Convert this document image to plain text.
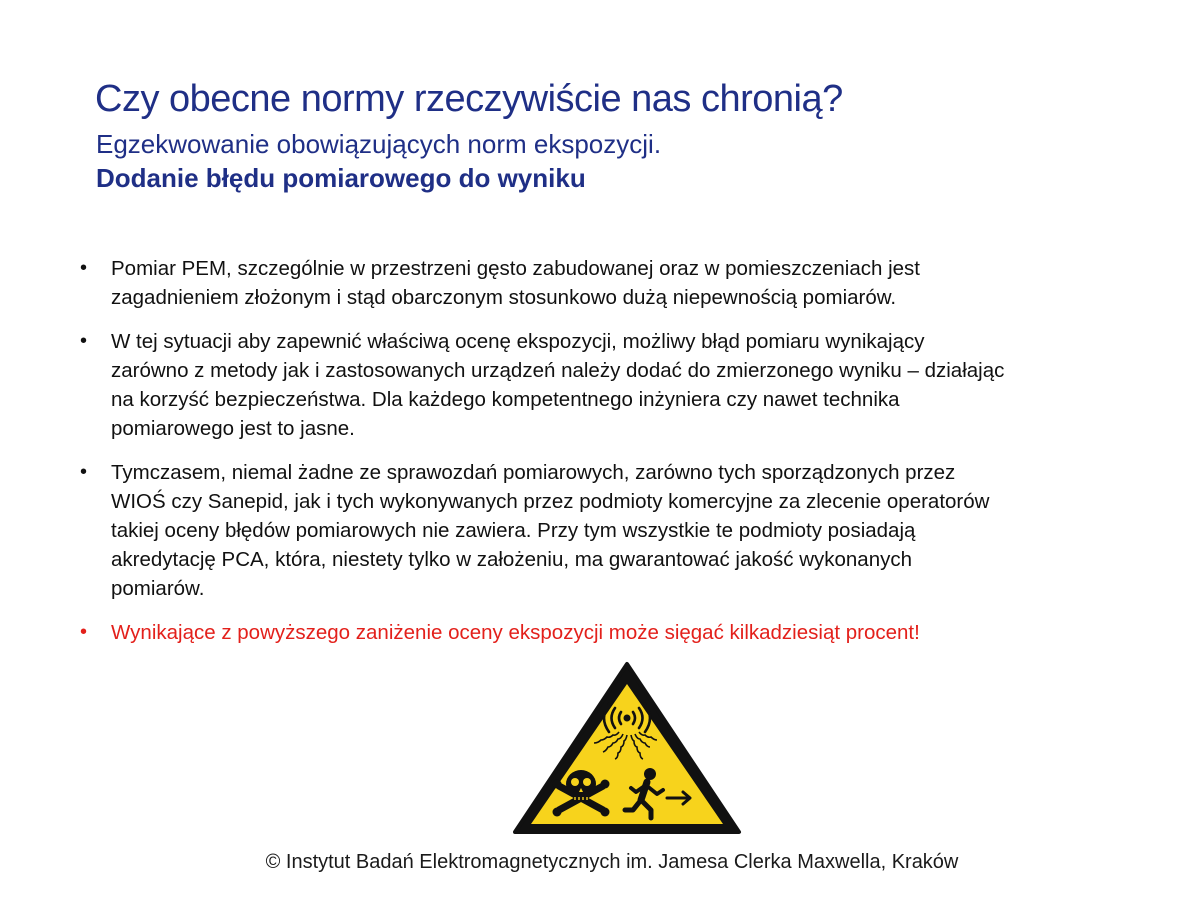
Czy obecne normy rzeczywiście nas chronią?
Egzekwowanie obowiązujących norm ekspozycji.
Dodanie błędu pomiarowego do wyniku
• Pomiar PEM, szczególnie w przestrzeni gęsto zabudowanej oraz w pomieszczeniach jest
zagadnieniem złożonym i stąd obarczonym stosunkowo dużą niepewnością pomiarów.
• W tej sytuacji aby zapewnić właściwą ocenę ekspozycji, możliwy błąd pomiaru wynikający
zarówno z metody jak i zastosowanych urządzeń należy dodać do zmierzonego wyniku – działając
na korzyść bezpieczeństwa. Dla każdego kompetentnego inżyniera czy nawet technika
pomiarowego jest to jasne.
• Tymczasem, niemal żadne ze sprawozdań pomiarowych, zarówno tych sporządzonych przez
WIOŚ czy Sanepid, jak i tych wykonywanych przez podmioty komercyjne za zlecenie operatorów
takiej oceny błędów pomiarowych nie zawiera. Przy tym wszystkie te podmioty posiadają
akredytację PCA, która, niestety tylko w założeniu, ma gwarantować jakość wykonanych
pomiarów.
• Wynikające z powyższego zaniżenie oceny ekspozycji może sięgać kilkadziesiąt procent!
© Instytut Badań Elektromagnetycznych im. Jamesa Clerka Maxwella, Kraków
